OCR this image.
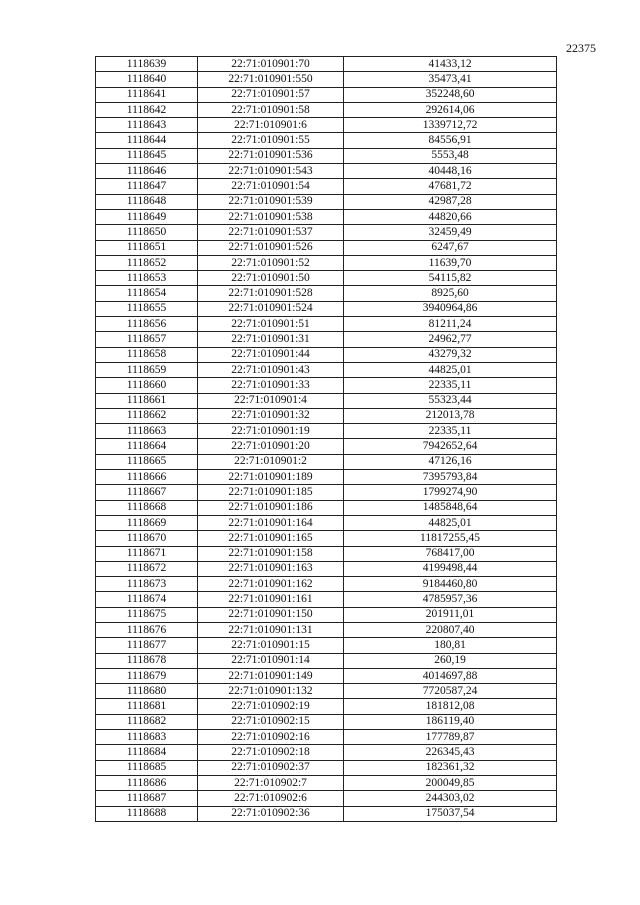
22375
1118639	22:71:010901:70	41433,12
1118640	22:71:010901:550	35473,41
1118641	22:71:010901:57	352248,60
1118642	22:71:010901:58	292614,06
1118643	22:71:010901:6	1339712,72
1118644	22:71:010901:55	84556,91
1118645	22:71:010901:536	5553,48
1118646	22:71:010901:543	40448,16
1118647	22:71:010901:54	47681,72
1118648	22:71:010901:539	42987,28
1118649	22:71:010901:538	44820,66
1118650	22:71:010901:537	32459,49
1118651	22:71:010901:526	6247,67
1118652	22:71:010901:52	11639,70
1118653	22:71:010901:50	54115,82
1118654	22:71:010901:528	8925,60
1118655	22:71:010901:524	3940964,86
1118656	22:71:010901:51	81211,24
1118657	22:71:010901:31	24962,77
1118658	22:71:010901:44	43279,32
1118659	22:71:010901:43	44825,01
1118660	22:71:010901:33	22335,11
1118661	22:71:010901:4	55323,44
1118662	22:71:010901:32	212013,78
1118663	22:71:010901:19	22335,11
1118664	22:71:010901:20	7942652,64
1118665	22:71:010901:2	47126,16
1118666	22:71:010901:189	7395793,84
1118667	22:71:010901:185	1799274,90
1118668	22:71:010901:186	1485848,64
1118669	22:71:010901:164	44825,01
1118670	22:71:010901:165	11817255,45
1118671	22:71:010901:158	768417,00
1118672	22:71:010901:163	4199498,44
1118673	22:71:010901:162	9184460,80
1118674	22:71:010901:161	4785957,36
1118675	22:71:010901:150	201911,01
1118676	22:71:010901:131	220807,40
1118677	22:71:010901:15	180,81
1118678	22:71:010901:14	260,19
1118679	22:71:010901:149	4014697,88
1118680	22:71:010901:132	7720587,24
1118681	22:71:010902:19	181812,08
1118682	22:71:010902:15	186119,40
1118683	22:71:010902:16	177789,87
1118684	22:71:010902:18	226345,43
1118685	22:71:010902:37	182361,32
1118686	22:71:010902:7	200049,85
1118687	22:71:010902:6	244303,02
1118688	22:71:010902:36	175037,54
